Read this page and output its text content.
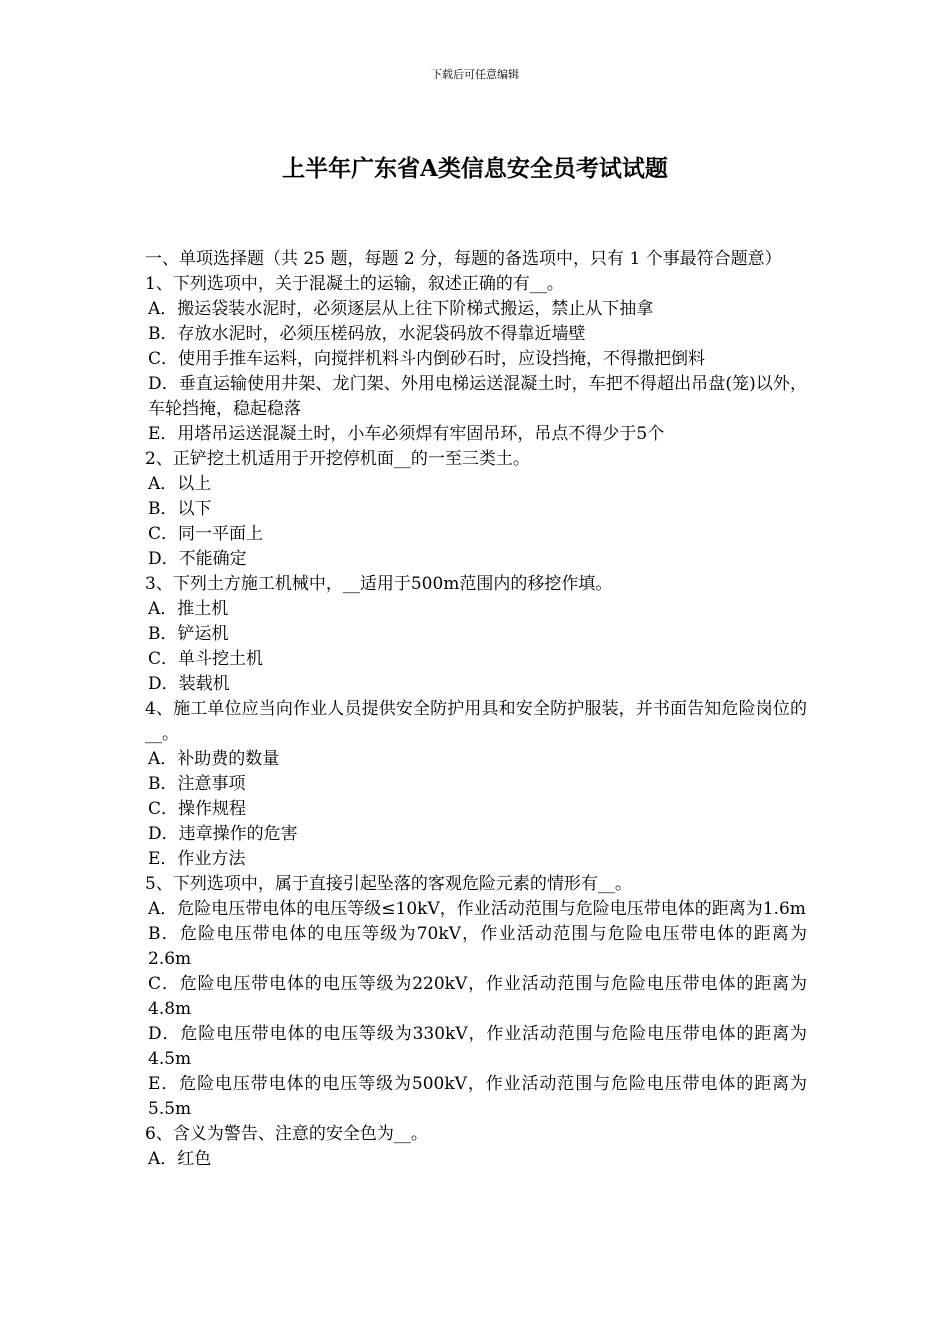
下载后可任意编辑
上半年广东省A类信息安全员考试试题

一、单项选择题（共 25 题，每题 2 分，每题的备选项中，只有 1 个事最符合题意）

1、下列选项中，关于混凝土的运输，叙述正确的有__。

A．搬运袋装水泥时，必须逐层从上往下阶梯式搬运，禁止从下抽拿

B．存放水泥时，必须压槎码放，水泥袋码放不得靠近墙壁

C．使用手推车运料，向搅拌机料斗内倒砂石时，应设挡掩，不得撒把倒料

D．垂直运输使用井架、龙门架、外用电梯运送混凝土时，车把不得超出吊盘(笼)以外，车轮挡掩，稳起稳落

E．用塔吊运送混凝土时，小车必须焊有牢固吊环，吊点不得少于5个

2、正铲挖土机适用于开挖停机面__的一至三类土。

A．以上

B．以下

C．同一平面上

D．不能确定

3、下列土方施工机械中，__适用于500m范围内的移挖作填。

A．推土机

B．铲运机

C．单斗挖土机

D．装载机

4、施工单位应当向作业人员提供安全防护用具和安全防护服装，并书面告知危险岗位的__。

A．补助费的数量

B．注意事项

C．操作规程

D．违章操作的危害

E．作业方法

5、下列选项中，属于直接引起坠落的客观危险元素的情形有__。

A．危险电压带电体的电压等级≤10kV，作业活动范围与危险电压带电体的距离为1.6m

B．危险电压带电体的电压等级为70kV，作业活动范围与危险电压带电体的距离为2.6m

C．危险电压带电体的电压等级为220kV，作业活动范围与危险电压带电体的距离为4.8m

D．危险电压带电体的电压等级为330kV，作业活动范围与危险电压带电体的距离为4.5m

E．危险电压带电体的电压等级为500kV，作业活动范围与危险电压带电体的距离为5.5m

6、含义为警告、注意的安全色为__。

A．红色
